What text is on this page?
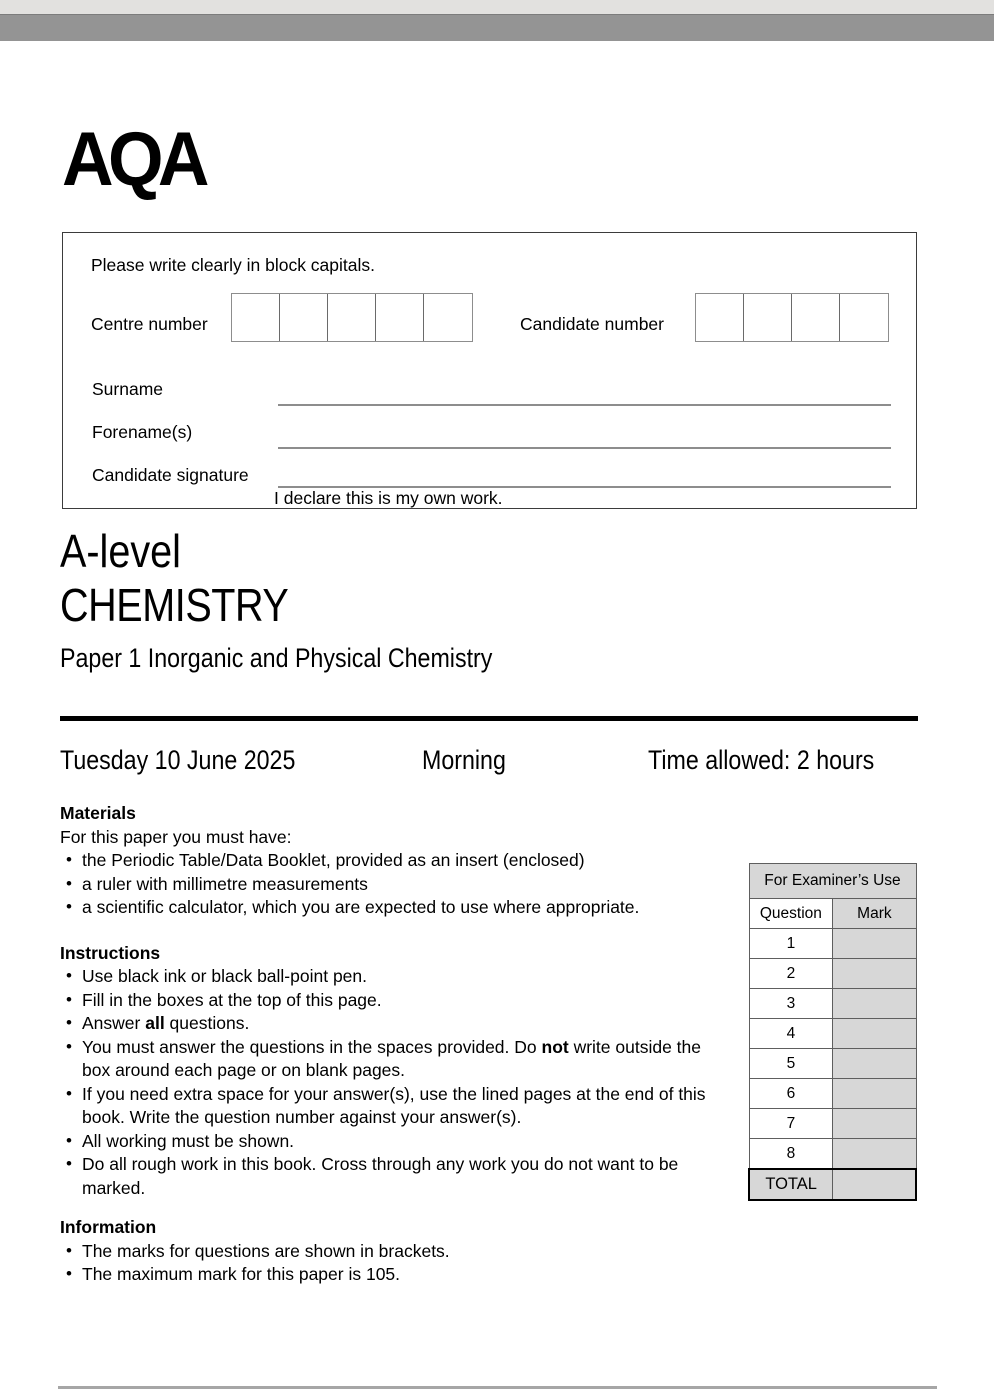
AQA
Please write clearly in block capitals.
Centre number	Candidate number
Surname
Forename(s)
Candidate signature
I declare this is my own work.

A-level

CHEMISTRY

Paper 1 Inorganic and Physical Chemistry

Tuesday 10 June 2025	Morning	Time allowed: 2 hours
Materials
For this paper you must have:
• the Periodic Table/Data Booklet, provided as an insert (enclosed)
• a ruler with millimetre measurements
• a scientific calculator, which you are expected to use where appropriate.
Instructions
• Use black ink or black ball-point pen.
• Fill in the boxes at the top of this page.
• Answer all questions.
• You must answer the questions in the spaces provided. Do not write outside the box around each page or on blank pages.
• If you need extra space for your answer(s), use the lined pages at the end of this book. Write the question number against your answer(s).
• All working must be shown.
• Do all rough work in this book. Cross through any work you do not want to be marked.
Information
• The marks for questions are shown in brackets.
• The maximum mark for this paper is 105.
For Examiner’s Use	
Question	Mark
1	
2	
3	
4	
5	
6	
7	
8	
TOTAL	
